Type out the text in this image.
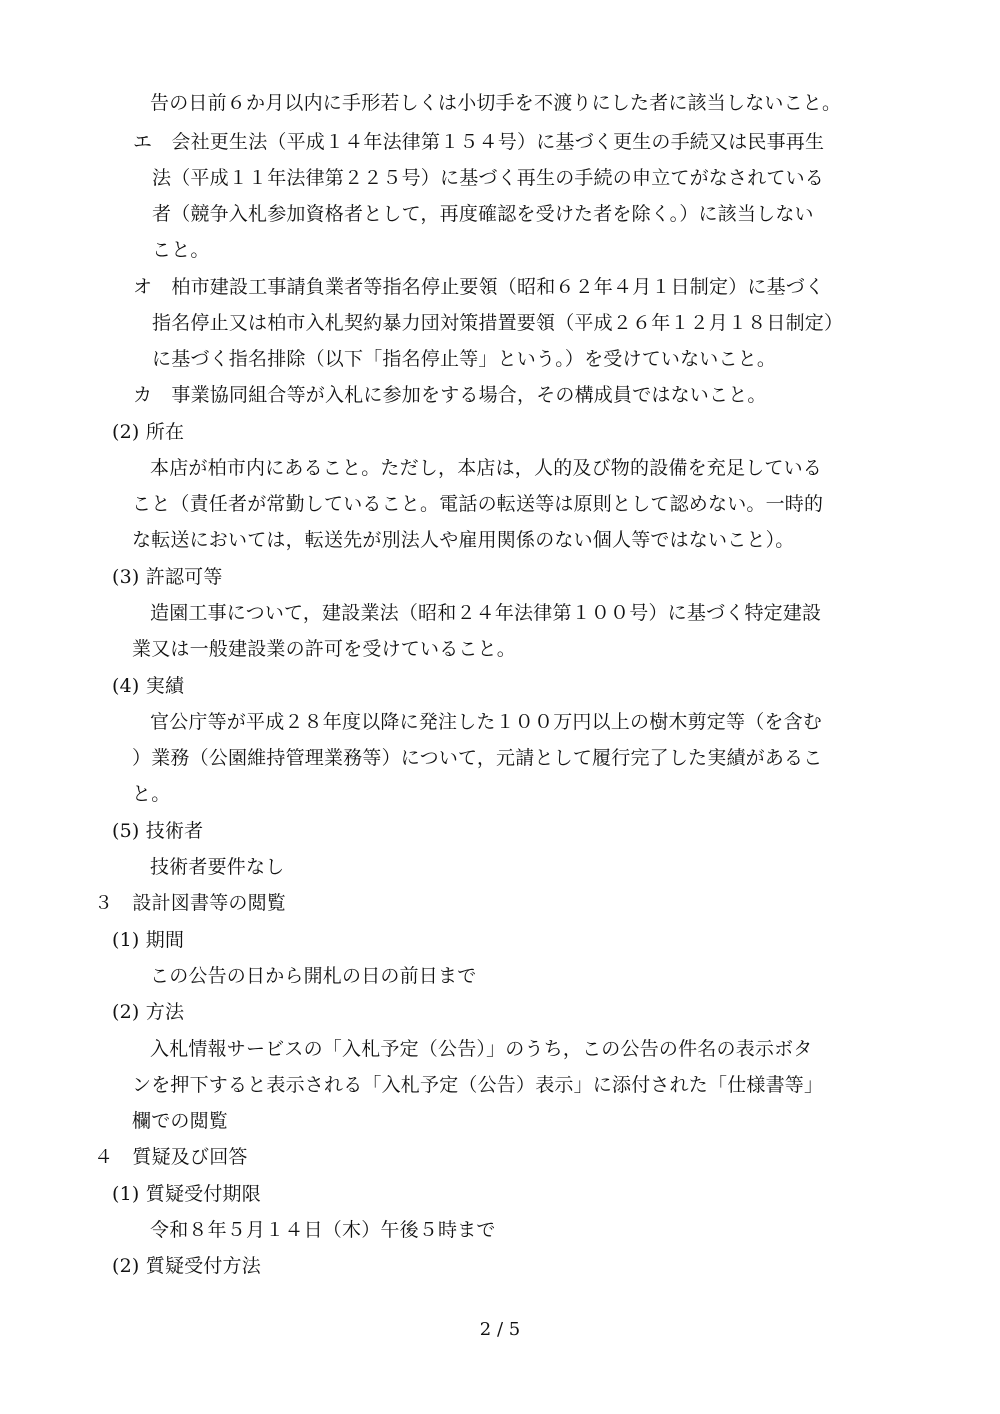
告の日前６か月以内に手形若しくは小切手を不渡りにした者に該当しないこと。
エ　会社更生法（平成１４年法律第１５４号）に基づく更生の手続又は民事再生
法（平成１１年法律第２２５号）に基づく再生の手続の申立てがなされている
者（競争入札参加資格者として，再度確認を受けた者を除く。）に該当しない
こと。
オ　柏市建設工事請負業者等指名停止要領（昭和６２年４月１日制定）に基づく
指名停止又は柏市入札契約暴力団対策措置要領（平成２６年１２月１８日制定）
に基づく指名排除（以下「指名停止等」という。）を受けていないこと。
カ　事業協同組合等が入札に参加をする場合，その構成員ではないこと。
(2) 所在
本店が柏市内にあること。ただし，本店は，人的及び物的設備を充足している
こと（責任者が常勤していること。電話の転送等は原則として認めない。一時的
な転送においては，転送先が別法人や雇用関係のない個人等ではないこと）。
(3) 許認可等
造園工事について，建設業法（昭和２４年法律第１００号）に基づく特定建設
業又は一般建設業の許可を受けていること。
(4) 実績
官公庁等が平成２８年度以降に発注した１００万円以上の樹木剪定等（を含む
）業務（公園維持管理業務等）について，元請として履行完了した実績があるこ
と。
(5) 技術者
技術者要件なし
３　設計図書等の閲覧
(1) 期間
この公告の日から開札の日の前日まで
(2) 方法
入札情報サービスの「入札予定（公告）」のうち，この公告の件名の表示ボタ
ンを押下すると表示される「入札予定（公告）表示」に添付された「仕様書等」
欄での閲覧
４　質疑及び回答
(1) 質疑受付期限
令和８年５月１４日（木）午後５時まで
(2) 質疑受付方法
2 / 5
